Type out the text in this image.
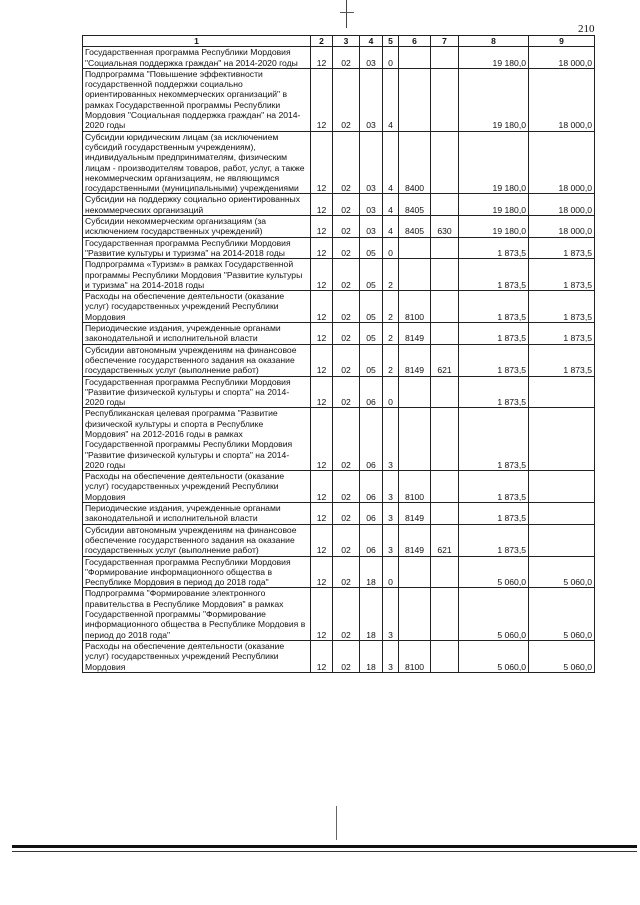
210
1	2	3	4	5	6	7	8	9
Государственная программа Республики Мордовия "Социальная поддержка граждан" на 2014-2020 годы	12	02	03	0			19 180,0	18 000,0
Подпрограмма "Повышение эффективности государственной поддержки социально ориентированных некоммерческих организаций" в рамках Государственной программы Республики Мордовия "Социальная поддержка граждан" на 2014-2020 годы	12	02	03	4			19 180,0	18 000,0
Субсидии юридическим лицам (за исключением субсидий государственным учреждениям), индивидуальным предпринимателям, физическим лицам - производителям товаров, работ, услуг, а также некоммерческим организациям, не являющимся государственными (муниципальными) учреждениями	12	02	03	4	8400		19 180,0	18 000,0
Субсидии на поддержку социально ориентированных некоммерческих организаций	12	02	03	4	8405		19 180,0	18 000,0
Субсидии некоммерческим организациям (за исключением государственных учреждений)	12	02	03	4	8405	630	19 180,0	18 000,0
Государственная программа Республики Мордовия "Развитие культуры и туризма" на 2014-2018 годы	12	02	05	0			1 873,5	1 873,5
Подпрограмма «Туризм» в рамках Государственной программы Республики Мордовия "Развитие культуры и туризма" на 2014-2018 годы	12	02	05	2			1 873,5	1 873,5
Расходы на обеспечение деятельности (оказание услуг) государственных учреждений Республики Мордовия	12	02	05	2	8100		1 873,5	1 873,5
Периодические издания, учрежденные органами законодательной и исполнительной власти	12	02	05	2	8149		1 873,5	1 873,5
Субсидии автономным учреждениям на финансовое обеспечение государственного задания на оказание государственных услуг (выполнение работ)	12	02	05	2	8149	621	1 873,5	1 873,5
Государственная программа Республики Мордовия "Развитие физической культуры и спорта" на 2014-2020 годы	12	02	06	0			1 873,5	
Республиканская целевая программа "Развитие физической культуры и спорта в Республике Мордовия" на 2012-2016 годы в рамках Государственной программы Республики Мордовия "Развитие физической культуры и спорта" на 2014-2020 годы	12	02	06	3			1 873,5	
Расходы на обеспечение деятельности (оказание услуг) государственных учреждений Республики Мордовия	12	02	06	3	8100		1 873,5	
Периодические издания, учрежденные органами законодательной и исполнительной власти	12	02	06	3	8149		1 873,5	
Субсидии автономным учреждениям на финансовое обеспечение государственного задания на оказание государственных услуг (выполнение работ)	12	02	06	3	8149	621	1 873,5	
Государственная программа Республики Мордовия "Формирование информационного общества в Республике Мордовия в период до 2018 года"	12	02	18	0			5 060,0	5 060,0
Подпрограмма "Формирование электронного правительства в Республике Мордовия" в рамках Государственной программы "Формирование информационного общества в Республике Мордовия в период до 2018 года"	12	02	18	3			5 060,0	5 060,0
Расходы на обеспечение деятельности (оказание услуг) государственных учреждений Республики Мордовия	12	02	18	3	8100		5 060,0	5 060,0
